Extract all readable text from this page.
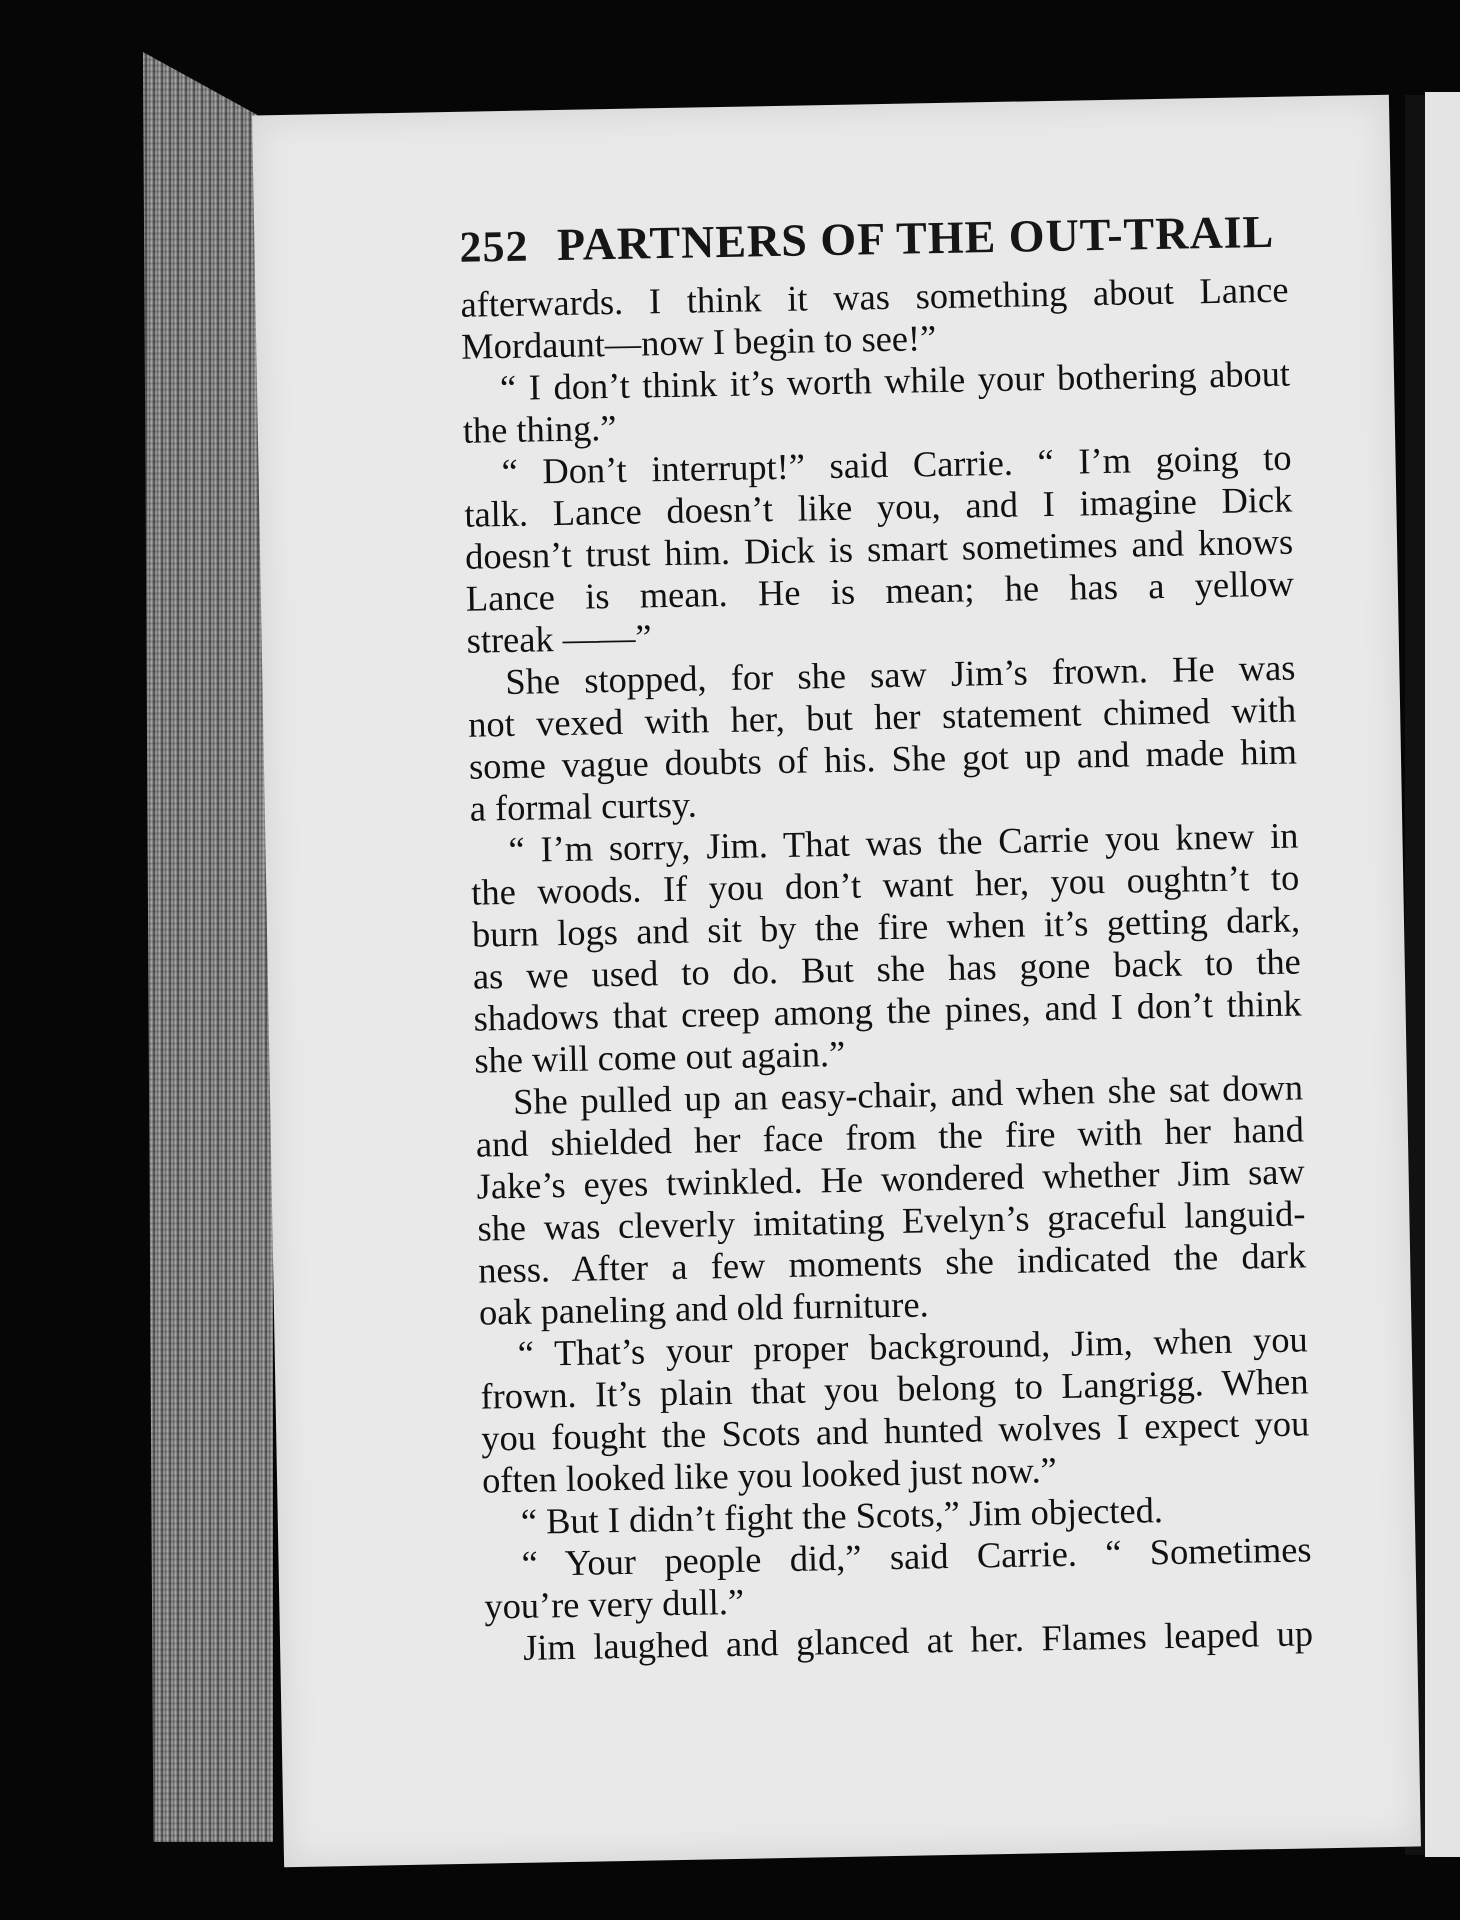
252 PARTNERS OF THE OUT-TRAIL
afterwards. I think it was something about Lance
Mordaunt—now I begin to see!”
“ I don’t think it’s worth while your bothering about
the thing.”
“ Don’t interrupt!” said Carrie. “ I’m going to
talk. Lance doesn’t like you, and I imagine Dick
doesn’t trust him. Dick is smart sometimes and knows
Lance is mean. He is mean; he has a yellow
streak ——”
She stopped, for she saw Jim’s frown. He was
not vexed with her, but her statement chimed with
some vague doubts of his. She got up and made him
a formal curtsy.
“ I’m sorry, Jim. That was the Carrie you knew in
the woods. If you don’t want her, you oughtn’t to
burn logs and sit by the fire when it’s getting dark,
as we used to do. But she has gone back to the
shadows that creep among the pines, and I don’t think
she will come out again.”
She pulled up an easy-chair, and when she sat down
and shielded her face from the fire with her hand
Jake’s eyes twinkled. He wondered whether Jim saw
she was cleverly imitating Evelyn’s graceful languid-
ness. After a few moments she indicated the dark
oak paneling and old furniture.
“ That’s your proper background, Jim, when you
frown. It’s plain that you belong to Langrigg. When
you fought the Scots and hunted wolves I expect you
often looked like you looked just now.”
“ But I didn’t fight the Scots,” Jim objected.
“ Your people did,” said Carrie. “ Sometimes
you’re very dull.”
Jim laughed and glanced at her. Flames leaped up
